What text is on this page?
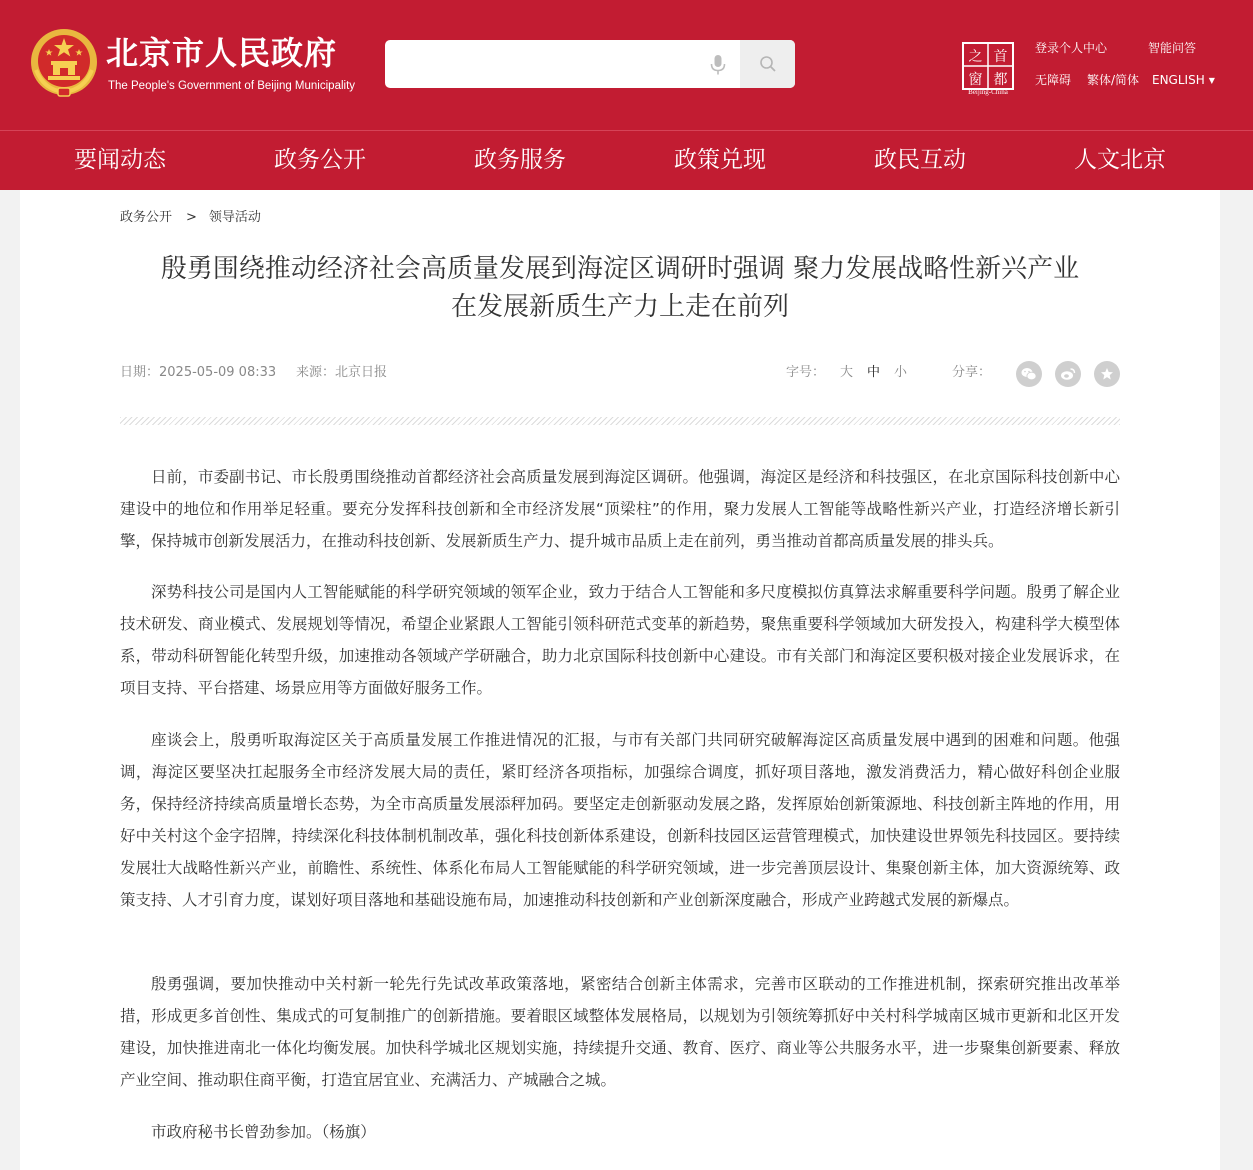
北京市人民政府
The People's Government of Beijing Municipality
之 首
窗 都
Beijing-China
登录个人中心	智能问答
无障碍 繁体/简体 ENGLISH ▼
要闻动态	政务公开	政务服务	政策兑现	政民互动	人文北京
政务公开 > 领导活动
殷勇围绕推动经济社会高质量发展到海淀区调研时强调 聚力发展战略性新兴产业
在发展新质生产力上走在前列
日期：2025-05-09 08:33 来源：北京日报	字号： 大 中 小	分享：
日前，市委副书记、市长殷勇围绕推动首都经济社会高质量发展到海淀区调研。他强调，海淀区是经济和科技强区，在北京国际科技创新中心建设中的地位和作用举足轻重。要充分发挥科技创新和全市经济发展“顶梁柱”的作用，聚力发展人工智能等战略性新兴产业，打造经济增长新引擎，保持城市创新发展活力，在推动科技创新、发展新质生产力、提升城市品质上走在前列，勇当推动首都高质量发展的排头兵。
深势科技公司是国内人工智能赋能的科学研究领域的领军企业，致力于结合人工智能和多尺度模拟仿真算法求解重要科学问题。殷勇了解企业技术研发、商业模式、发展规划等情况，希望企业紧跟人工智能引领科研范式变革的新趋势，聚焦重要科学领域加大研发投入，构建科学大模型体系，带动科研智能化转型升级，加速推动各领域产学研融合，助力北京国际科技创新中心建设。市有关部门和海淀区要积极对接企业发展诉求，在项目支持、平台搭建、场景应用等方面做好服务工作。
座谈会上，殷勇听取海淀区关于高质量发展工作推进情况的汇报，与市有关部门共同研究破解海淀区高质量发展中遇到的困难和问题。他强调，海淀区要坚决扛起服务全市经济发展大局的责任，紧盯经济各项指标，加强综合调度，抓好项目落地，激发消费活力，精心做好科创企业服务，保持经济持续高质量增长态势，为全市高质量发展添秤加码。要坚定走创新驱动发展之路，发挥原始创新策源地、科技创新主阵地的作用，用好中关村这个金字招牌，持续深化科技体制机制改革，强化科技创新体系建设，创新科技园区运营管理模式，加快建设世界领先科技园区。要持续发展壮大战略性新兴产业，前瞻性、系统性、体系化布局人工智能赋能的科学研究领域，进一步完善顶层设计、集聚创新主体，加大资源统筹、政策支持、人才引育力度，谋划好项目落地和基础设施布局，加速推动科技创新和产业创新深度融合，形成产业跨越式发展的新爆点。
殷勇强调，要加快推动中关村新一轮先行先试改革政策落地，紧密结合创新主体需求，完善市区联动的工作推进机制，探索研究推出改革举措，形成更多首创性、集成式的可复制推广的创新措施。要着眼区域整体发展格局，以规划为引领统筹抓好中关村科学城南区城市更新和北区开发建设，加快推进南北一体化均衡发展。加快科学城北区规划实施，持续提升交通、教育、医疗、商业等公共服务水平，进一步聚集创新要素、释放产业空间、推动职住商平衡，打造宜居宜业、充满活力、产城融合之城。
市政府秘书长曾劲参加。（杨旗）
